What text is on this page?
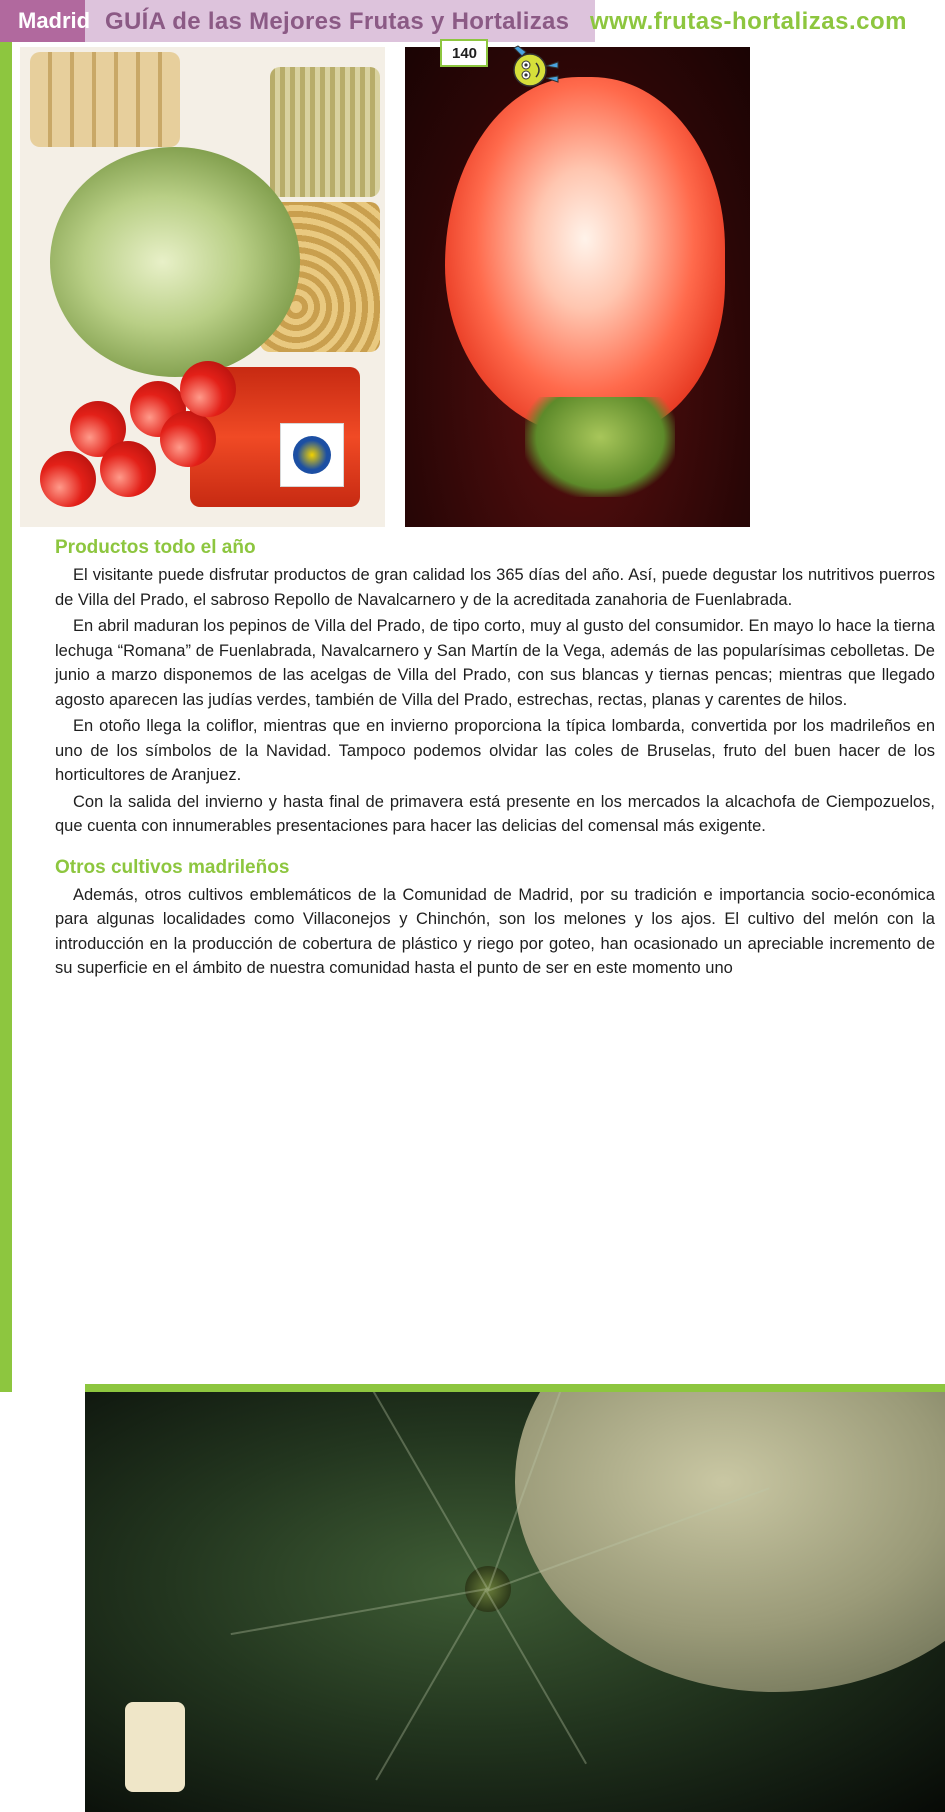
Productos todo el año

El visitante puede disfrutar productos de gran calidad los 365 días del año. Así, puede degustar los nutritivos puerros de Villa del Prado, el sabroso Repollo de Navalcarnero y de la acreditada zanahoria de Fuenlabrada.

En abril maduran los pepinos de Villa del Prado, de tipo corto, muy al gusto del consumidor. En mayo lo hace la tierna lechuga “Romana” de Fuenlabrada, Navalcarnero y San Martín de la Vega, además de las popularísimas cebolletas. De junio a marzo disponemos de las acelgas de Villa del Prado, con sus blancas y tiernas pencas; mientras que llegado agosto aparecen las judías verdes, también de Villa del Prado, estrechas, rectas, planas y carentes de hilos.

En otoño llega la coliflor, mientras que en invierno proporciona la típica lombarda, convertida por los madrileños en uno de los símbolos de la Navidad. Tampoco podemos olvidar las coles de Bruselas, fruto del buen hacer de los horticultores de Aranjuez.

Con la salida del invierno y hasta final de primavera está presente en los mercados la alcachofa de Ciempozuelos, que cuenta con innumerables presentaciones para hacer las delicias del comensal más exigente.

Otros cultivos madrileños

Además, otros cultivos emblemáticos de la Comunidad de Madrid, por su tradición e importancia socio-económica para algunas localidades como Villaconejos y Chinchón, son los melones y los ajos. El cultivo del melón con la introducción en la producción de cobertura de plástico y riego por goteo, han ocasionado un apreciable incremento de su superficie en el ámbito de nuestra comunidad hasta el punto de ser en este momento uno

Madrid GUÍA de las Mejores Frutas y Hortalizas www.frutas-hortalizas.com
140
